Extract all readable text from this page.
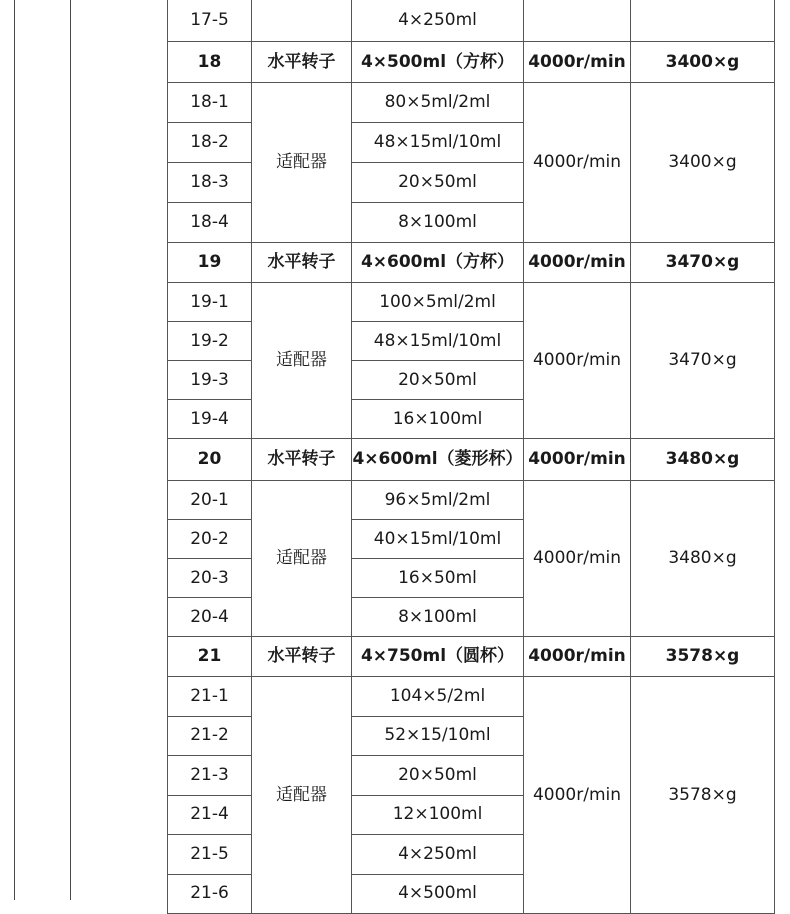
17-5		4×250ml		
18	水平转子	4×500ml（方杯）	4000r/min	3400×g
18-1	适配器	80×5ml/2ml	4000r/min	3400×g
18-2		48×15ml/10ml		
18-3		20×50ml		
18-4		8×100ml		
19	水平转子	4×600ml（方杯）	4000r/min	3470×g
19-1	适配器	100×5ml/2ml	4000r/min	3470×g
19-2		48×15ml/10ml		
19-3		20×50ml		
19-4		16×100ml		
20	水平转子	4×600ml（菱形杯）	4000r/min	3480×g
20-1	适配器	96×5ml/2ml	4000r/min	3480×g
20-2		40×15ml/10ml		
20-3		16×50ml		
20-4		8×100ml		
21	水平转子	4×750ml（圆杯）	4000r/min	3578×g
21-1	适配器	104×5/2ml	4000r/min	3578×g
21-2		52×15/10ml		
21-3		20×50ml		
21-4		12×100ml		
21-5		4×250ml		
21-6		4×500ml		
